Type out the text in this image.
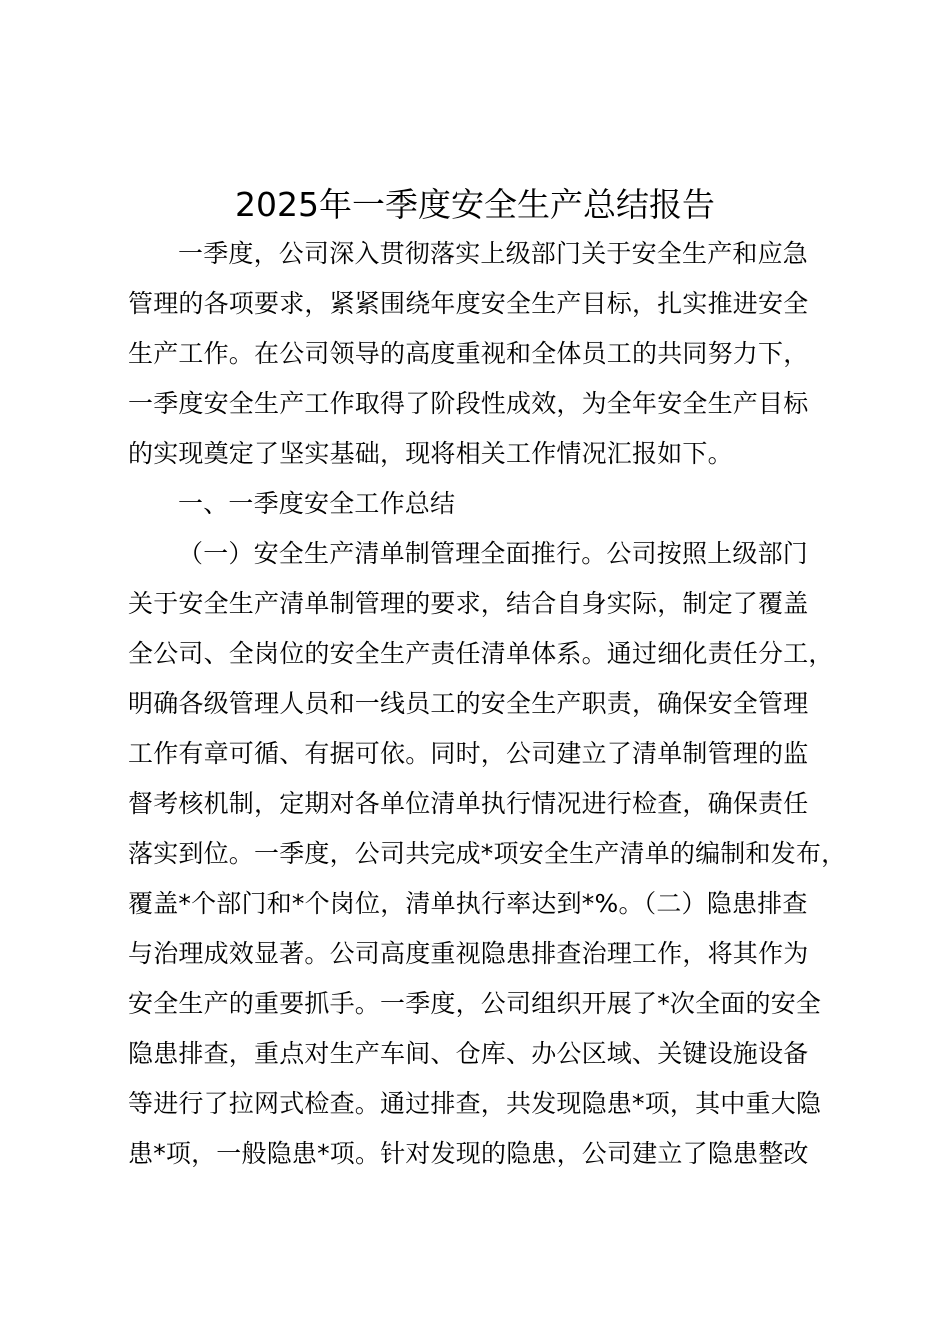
2025年一季度安全生产总结报告
一季度，公司深入贯彻落实上级部门关于安全生产和应急
管理的各项要求，紧紧围绕年度安全生产目标，扎实推进安全
生产工作。在公司领导的高度重视和全体员工的共同努力下，
一季度安全生产工作取得了阶段性成效，为全年安全生产目标
的实现奠定了坚实基础，现将相关工作情况汇报如下。
一、一季度安全工作总结
（一）安全生产清单制管理全面推行。公司按照上级部门
关于安全生产清单制管理的要求，结合自身实际，制定了覆盖
全公司、全岗位的安全生产责任清单体系。通过细化责任分工，
明确各级管理人员和一线员工的安全生产职责，确保安全管理
工作有章可循、有据可依。同时，公司建立了清单制管理的监
督考核机制，定期对各单位清单执行情况进行检查，确保责任
落实到位。一季度，公司共完成*项安全生产清单的编制和发布，
覆盖*个部门和*个岗位，清单执行率达到*%。（二）隐患排查
与治理成效显著。公司高度重视隐患排查治理工作，将其作为
安全生产的重要抓手。一季度，公司组织开展了*次全面的安全
隐患排查，重点对生产车间、仓库、办公区域、关键设施设备
等进行了拉网式检查。通过排查，共发现隐患*项，其中重大隐
患*项，一般隐患*项。针对发现的隐患，公司建立了隐患整改
